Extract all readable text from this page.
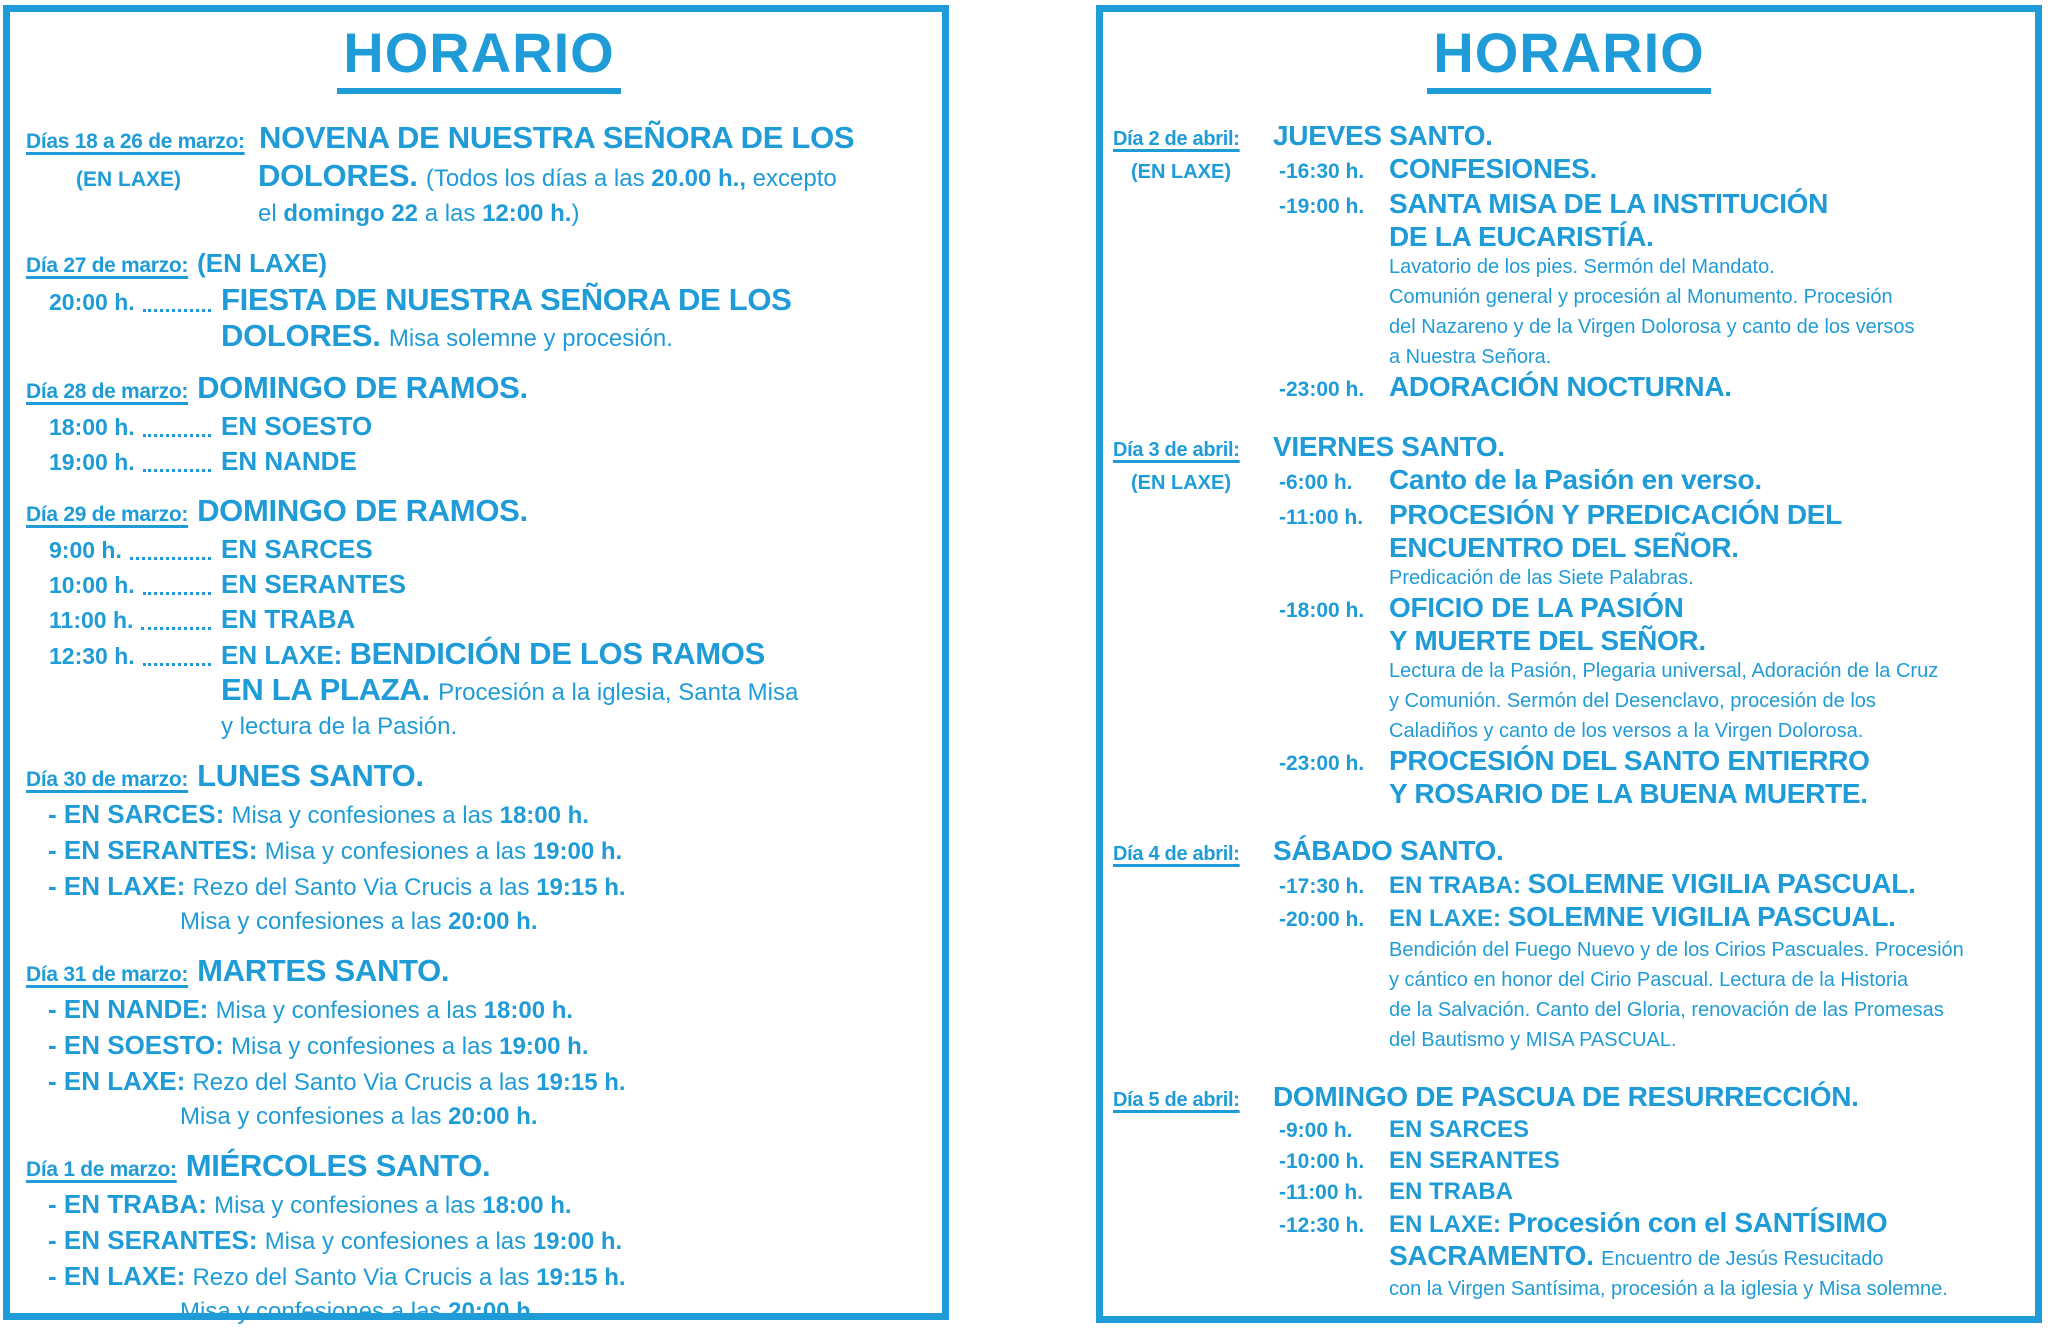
HORARIO
Días 18 a 26 de marzo: NOVENA DE NUESTRA SEÑORA DE LOS
(EN LAXE)	DOLORES. (Todos los días a las 20.00 h., excepto
el domingo 22 a las 12:00 h. )
Día 27 de marzo: (EN LAXE)
20:00 h.	FIESTA DE NUESTRA SEÑORA DE LOS
DOLORES. Misa solemne y procesión.
Día 28 de marzo: DOMINGO DE RAMOS.
18:00 h.	EN SOESTO
19:00 h.	EN NANDE
Día 29 de marzo: DOMINGO DE RAMOS.
9:00 h.	EN SARCES
10:00 h.	EN SERANTES
11:00 h.	EN TRABA
12:30 h.	EN LAXE: BENDICIÓN DE LOS RAMOS
EN LA PLAZA. Procesión a la iglesia, Santa Misa
y lectura de la Pasión.
Día 30 de marzo: LUNES SANTO.
- EN SARCES: Misa y confesiones a las 18:00 h.
- EN SERANTES: Misa y confesiones a las 19:00 h.
- EN LAXE: Rezo del Santo Via Crucis a las 19:15 h.
Misa y confesiones a las 20:00 h.
Día 31 de marzo: MARTES SANTO.
- EN NANDE: Misa y confesiones a las 18:00 h.
- EN SOESTO: Misa y confesiones a las 19:00 h.
- EN LAXE: Rezo del Santo Via Crucis a las 19:15 h.
Misa y confesiones a las 20:00 h.
Día 1 de marzo: MIÉRCOLES SANTO.
- EN TRABA: Misa y confesiones a las 18:00 h.
- EN SERANTES: Misa y confesiones a las 19:00 h.
- EN LAXE: Rezo del Santo Via Crucis a las 19:15 h.
Misa y confesiones a las 20:00 h.
HORARIO
Día 2 de abril:	JUEVES SANTO.
(EN LAXE)	-16:30 h. CONFESIONES.
-19:00 h. SANTA MISA DE LA INSTITUCIÓN
DE LA EUCARISTÍA.
Lavatorio de los pies. Sermón del Mandato.
Comunión general y procesión al Monumento. Procesión
del Nazareno y de la Virgen Dolorosa y canto de los versos
a Nuestra Señora.
-23:00 h. ADORACIÓN NOCTURNA.
Día 3 de abril:	VIERNES SANTO.
(EN LAXE)	-6:00 h.	Canto de la Pasión en verso.
-11:00 h. PROCESIÓN Y PREDICACIÓN DEL
ENCUENTRO DEL SEÑOR.
Predicación de las Siete Palabras.
-18:00 h. OFICIO DE LA PASIÓN
Y MUERTE DEL SEÑOR.
Lectura de la Pasión, Plegaria universal, Adoración de la Cruz
y Comunión. Sermón del Desenclavo, procesión de los
Caladiños y canto de los versos a la Virgen Dolorosa.
-23:00 h. PROCESIÓN DEL SANTO ENTIERRO
Y ROSARIO DE LA BUENA MUERTE.
Día 4 de abril:	SÁBADO SANTO.
-17:30 h.	EN TRABA: SOLEMNE VIGILIA PASCUAL.
-20:00 h.	EN LAXE: SOLEMNE VIGILIA PASCUAL.
Bendición del Fuego Nuevo y de los Cirios Pascuales. Procesión
y cántico en honor del Cirio Pascual. Lectura de la Historia
de la Salvación. Canto del Gloria, renovación de las Promesas
del Bautismo y MISA PASCUAL.
Día 5 de abril:	DOMINGO DE PASCUA DE RESURRECCIÓN.
-9:00 h.	EN SARCES
-10:00 h.	EN SERANTES
-11:00 h.	EN TRABA
-12:30 h.	EN LAXE: Procesión con el SANTÍSIMO
SACRAMENTO. Encuentro de Jesús Resucitado
con la Virgen Santísima, procesión a la iglesia y Misa solemne.
